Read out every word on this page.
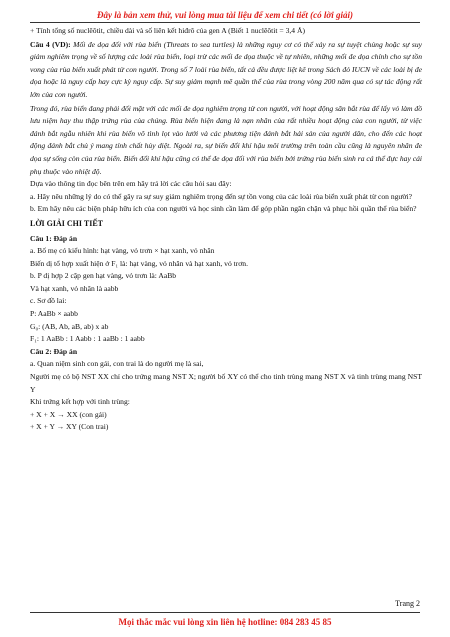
Đây là bản xem thử, vui lòng mua tài liệu để xem chi tiết (có lời giải)

+ Tính tổng số nuclêôtit, chiều dài và số liên kết hiđrô của gen A (Biết 1 nuclêôtit = 3,4 Å)

Câu 4 (VD): Mối đe dọa đối với rùa biển (Threats to sea turtles) là những nguy cơ có thể xảy ra sự tuyệt chủng hoặc sự suy giảm nghiêm trọng về số lượng các loài rùa biển, loại trừ các mối đe dọa thuộc về tự nhiên, những mối đe dọa chính cho sự tồn vong của rùa biển xuất phát từ con người. Trong số 7 loài rùa biển, tất cả đều được liệt kê trong Sách đỏ IUCN về các loài bị đe dọa hoặc là nguy cấp hay cực kỳ nguy cấp. Sự suy giảm mạnh mẽ quần thể của rùa trong vòng 200 năm qua có sự tác động rất lớn của con người.

Trong đó, rùa biển đang phải đối mặt với các mối đe dọa nghiêm trọng từ con người, với hoạt động săn bắt rùa để lấy vỏ làm đồ lưu niệm hay thu thập trứng rùa của chúng. Rùa biển hiện đang là nạn nhân của rất nhiều hoạt động của con người, từ việc đánh bắt ngẫu nhiên khi rùa biển vô tình lọt vào lưới và các phương tiện đánh bắt hải sản của người dân, cho đến các hoạt động đánh bắt chủ ý mang tính chất hủy diệt. Ngoài ra, sự biến đổi khí hậu môi trường trên toàn cầu cũng là nguyên nhân đe dọa sự sống còn của rùa biển. Biến đổi khí hậu cũng có thể đe dọa đối với rùa biển bởi trứng rùa biển sinh ra cá thể đực hay cái phụ thuộc vào nhiệt độ.

Dựa vào thông tin đọc bên trên em hãy trả lời các câu hỏi sau đây:

a. Hãy nêu những lý do có thể gây ra sự suy giảm nghiêm trọng đến sự tồn vong của các loài rùa biển xuất phát từ con người?

b. Em hãy nêu các biện pháp hữu ích của con người và học sinh cần làm để góp phần ngăn chặn và phục hồi quần thể rùa biển?

LỜI GIẢI CHI TIẾT

Câu 1: Đáp án

a. Bố mẹ có kiểu hình: hạt vàng, vỏ trơn × hạt xanh, vỏ nhăn

Biến dị tổ hợp xuất hiện ở F₁ là: hạt vàng, vỏ nhăn và hạt xanh, vỏ trơn.

b. P dị hợp 2 cặp gen hạt vàng, vỏ trơn là: AaBb

Và hạt xanh, vỏ nhăn là aabb

c. Sơ đồ lai:

P: AaBb × aabb

G₀: (AB, Ab, aB, ab) x ab

F₁: 1 AaBb : 1 Aabb : 1 aaBb : 1 aabb

Câu 2: Đáp án

a. Quan niệm sinh con gái, con trai là do người mẹ là sai,

Người mẹ có bộ NST XX chỉ cho trứng mang NST X; người bố XY có thể cho tinh trùng mang NST X và tinh trùng mang NST Y

Khi trứng kết hợp với tinh trùng:

+ X + X → XX (con gái)

+ X + Y → XY (Con trai)

Trang 2
Mọi thắc mắc vui lòng xin liên hệ hotline: 084 283 45 85
